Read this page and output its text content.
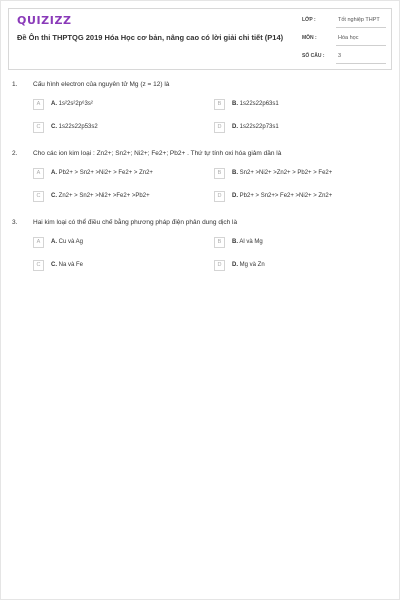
QUIZIZZ
Đề Ôn thi THPTQG 2019 Hóa Học cơ bản, nâng cao có lời giải chi tiết (P14)
LỚP :	Tốt nghiệp THPT
MÔN :	Hóa học
SỐ CÂU :	3
1. Cấu hình electron của nguyên tử Mg (z = 12) là
A	A. 1s²2s²2p⁶3s²	B	B. 1s22s22p63s1
C	C. 1s22s22p53s2	D	D. 1s22s22p73s1
2. Cho các ion kim loại : Zn2+; Sn2+; Ni2+; Fe2+; Pb2+ . Thứ tự tính oxi hóa giảm dần là
A	A. Pb2+ > Sn2+ >Ni2+ > Fe2+ > Zn2+	B	B. Sn2+ >Ni2+ >Zn2+ > Pb2+ > Fe2+
C	C. Zn2+ > Sn2+ >Ni2+ >Fe2+ >Pb2+	D	D. Pb2+ > Sn2+> Fe2+ >Ni2+ > Zn2+
3. Hai kim loại có thể điều chế bằng phương pháp điện phân dung dịch là
A	A. Cu và Ag	B	B. Al và Mg
C	C. Na và Fe	D	D. Mg và Zn
